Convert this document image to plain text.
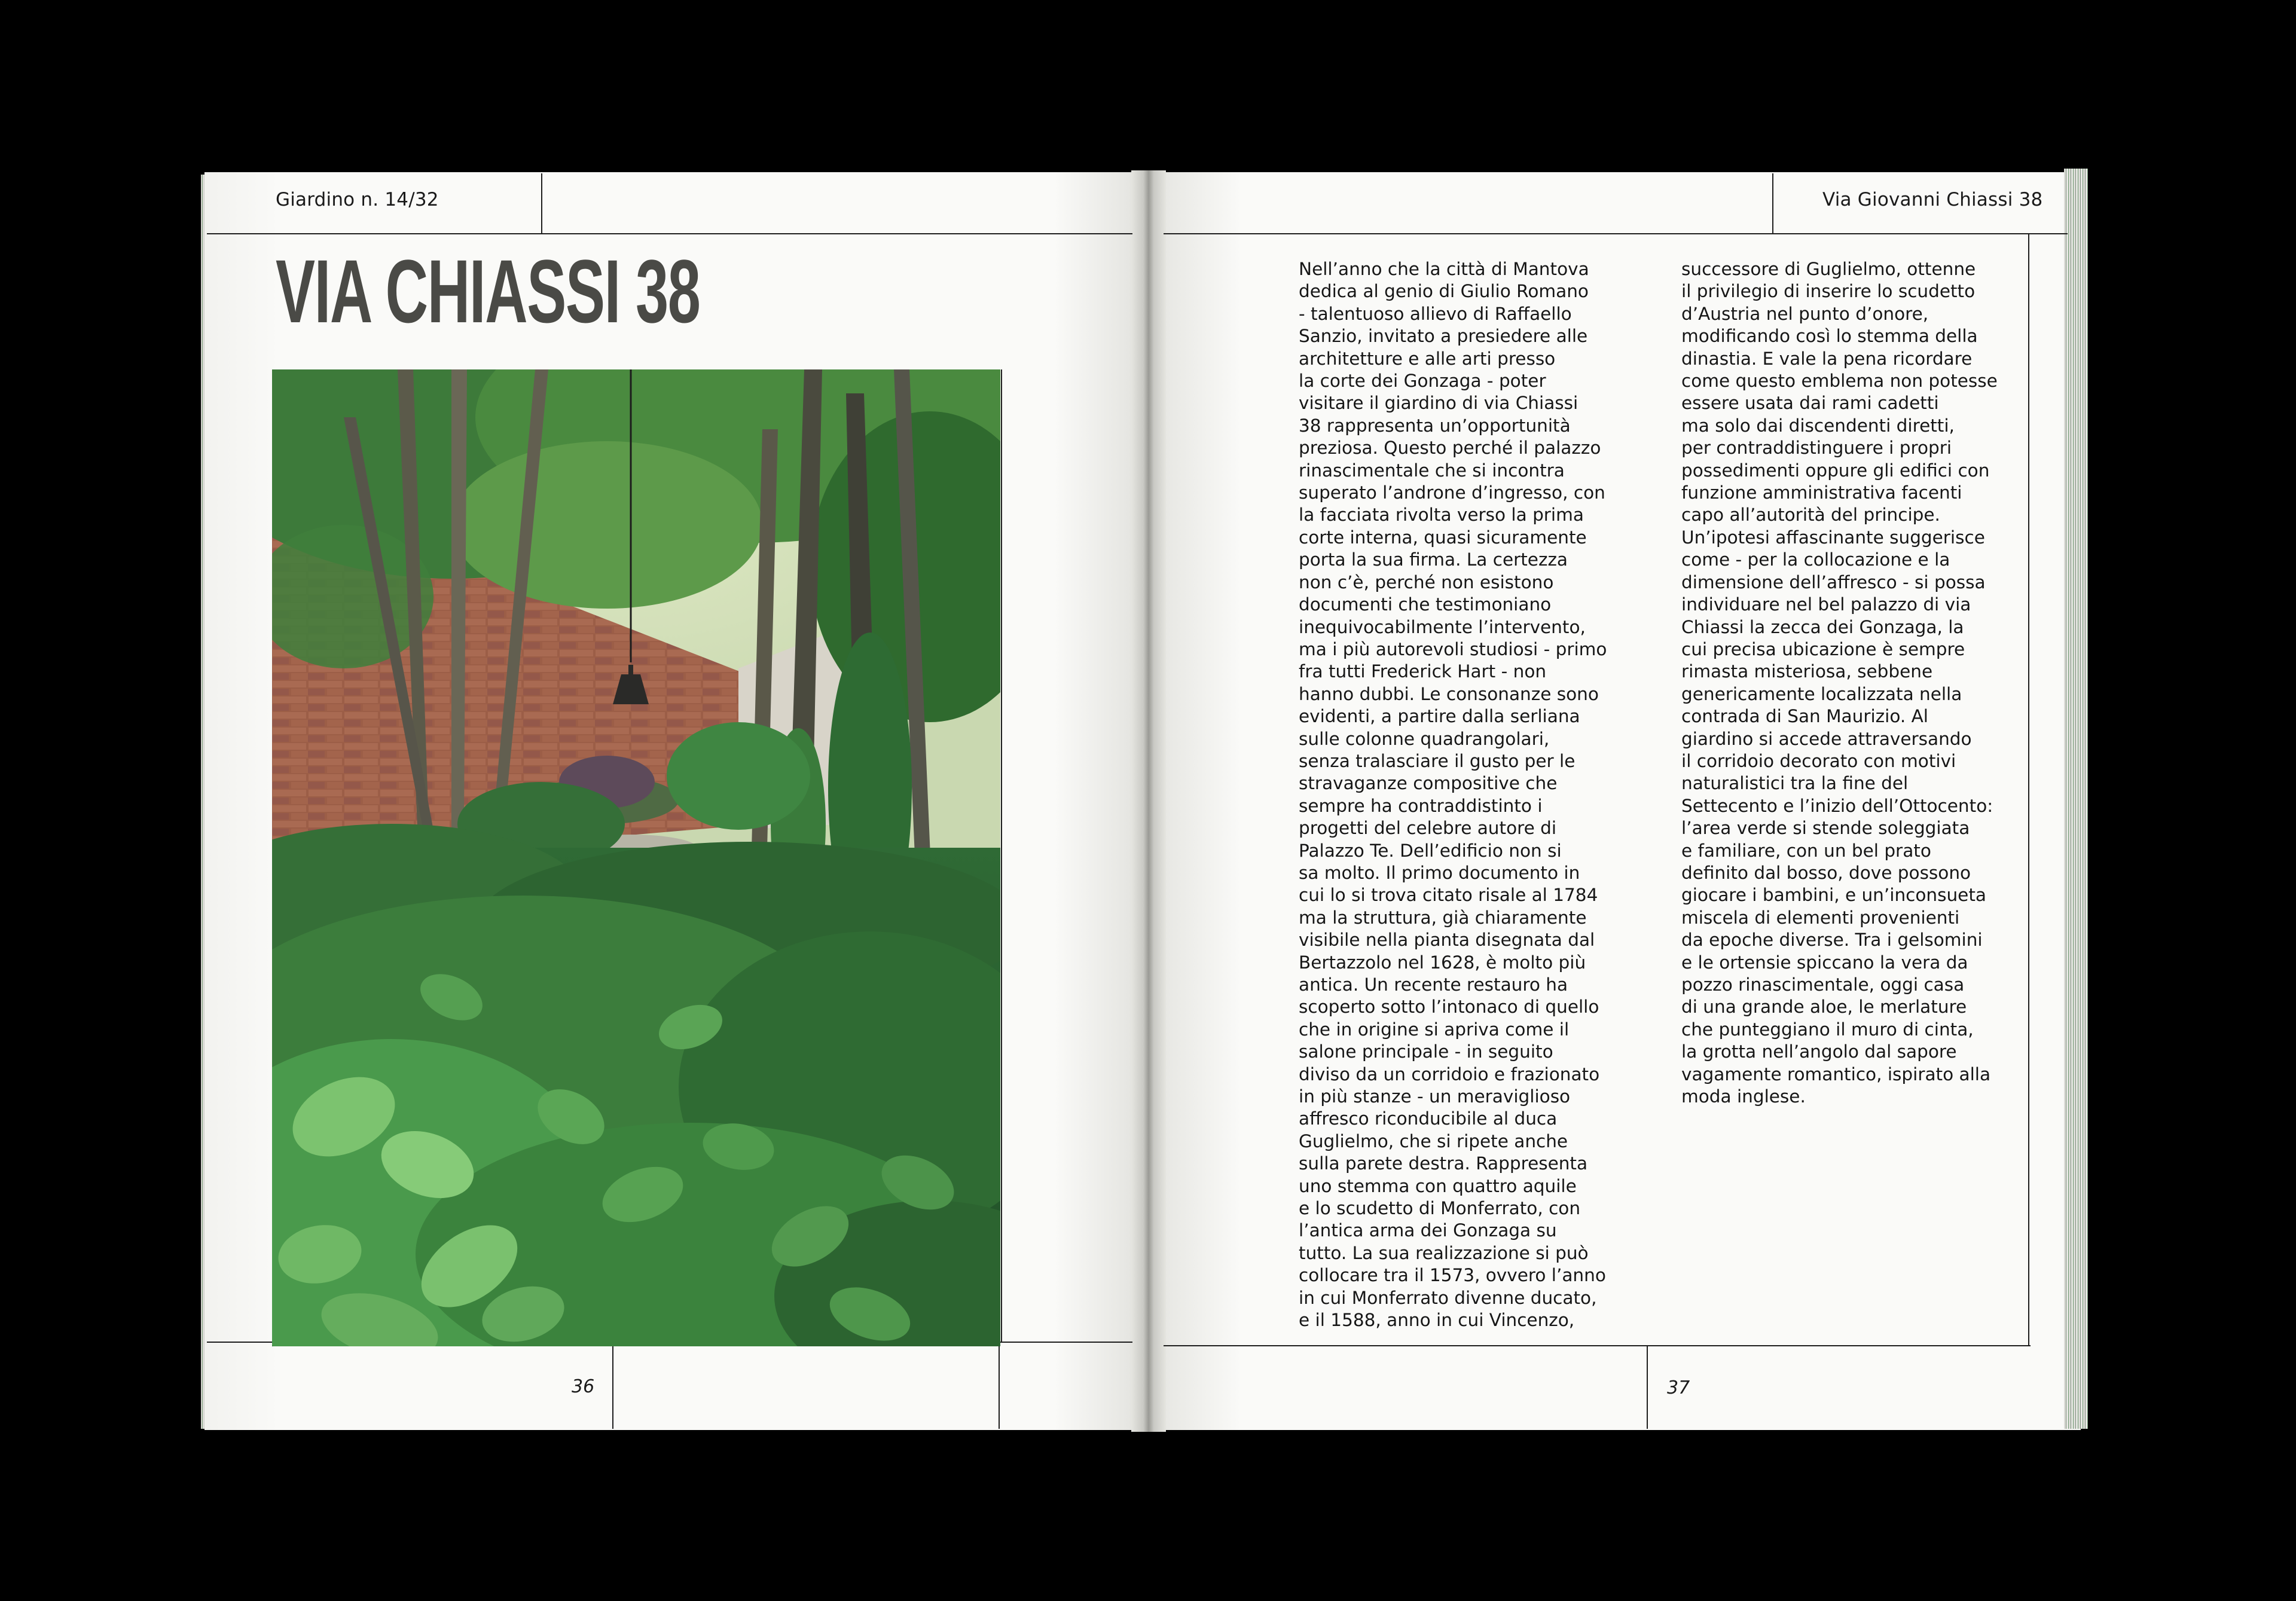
Giardino n. 14/32	Via Giovanni Chiassi 38
VIA CHIASSI 38	Nell’anno che la città di Mantova
dedica al genio di Giulio Romano
- talentuoso allievo di Raffaello
Sanzio, invitato a presiedere alle
architetture e alle arti presso
la corte dei Gonzaga - poter
visitare il giardino di via Chiassi
38 rappresenta un’opportunità
preziosa. Questo perché il palazzo
rinascimentale che si incontra
superato l’androne d’ingresso, con
la facciata rivolta verso la prima
corte interna, quasi sicuramente
porta la sua firma. La certezza
non c’è, perché non esistono
documenti che testimoniano
inequivocabilmente l’intervento,
ma i più autorevoli studiosi - primo
fra tutti Frederick Hart - non
hanno dubbi. Le consonanze sono
evidenti, a partire dalla serliana
sulle colonne quadrangolari,
senza tralasciare il gusto per le
stravaganze compositive che
sempre ha contraddistinto i
progetti del celebre autore di
Palazzo Te. Dell’edificio non si
sa molto. Il primo documento in
cui lo si trova citato risale al 1784
ma la struttura, già chiaramente
visibile nella pianta disegnata dal
Bertazzolo nel 1628, è molto più
antica. Un recente restauro ha
scoperto sotto l’intonaco di quello
che in origine si apriva come il
salone principale - in seguito
diviso da un corridoio e frazionato
in più stanze - un meraviglioso
affresco riconducibile al duca
Guglielmo, che si ripete anche
sulla parete destra. Rappresenta
uno stemma con quattro aquile
e lo scudetto di Monferrato, con
l’antica arma dei Gonzaga su
tutto. La sua realizzazione si può
collocare tra il 1573, ovvero l’anno
in cui Monferrato divenne ducato,
e il 1588, anno in cui Vincenzo,
successore di Guglielmo, ottenne
il privilegio di inserire lo scudetto
d’Austria nel punto d’onore,
modificando così lo stemma della
dinastia. E vale la pena ricordare
come questo emblema non potesse
essere usata dai rami cadetti
ma solo dai discendenti diretti,
per contraddistinguere i propri
possedimenti oppure gli edifici con
funzione amministrativa facenti
capo all’autorità del principe.
Un’ipotesi affascinante suggerisce
come - per la collocazione e la
dimensione dell’affresco - si possa
individuare nel bel palazzo di via
Chiassi la zecca dei Gonzaga, la
cui precisa ubicazione è sempre
rimasta misteriosa, sebbene
genericamente localizzata nella
contrada di San Maurizio. Al
giardino si accede attraversando
il corridoio decorato con motivi
naturalistici tra la fine del
Settecento e l’inizio dell’Ottocento:
l’area verde si stende soleggiata
e familiare, con un bel prato
definito dal bosso, dove possono
giocare i bambini, e un’inconsueta
miscela di elementi provenienti
da epoche diverse. Tra i gelsomini
e le ortensie spiccano la vera da
pozzo rinascimentale, oggi casa
di una grande aloe, le merlature
che punteggiano il muro di cinta,
la grotta nell’angolo dal sapore
vagamente romantico, ispirato alla
moda inglese.
36	37
